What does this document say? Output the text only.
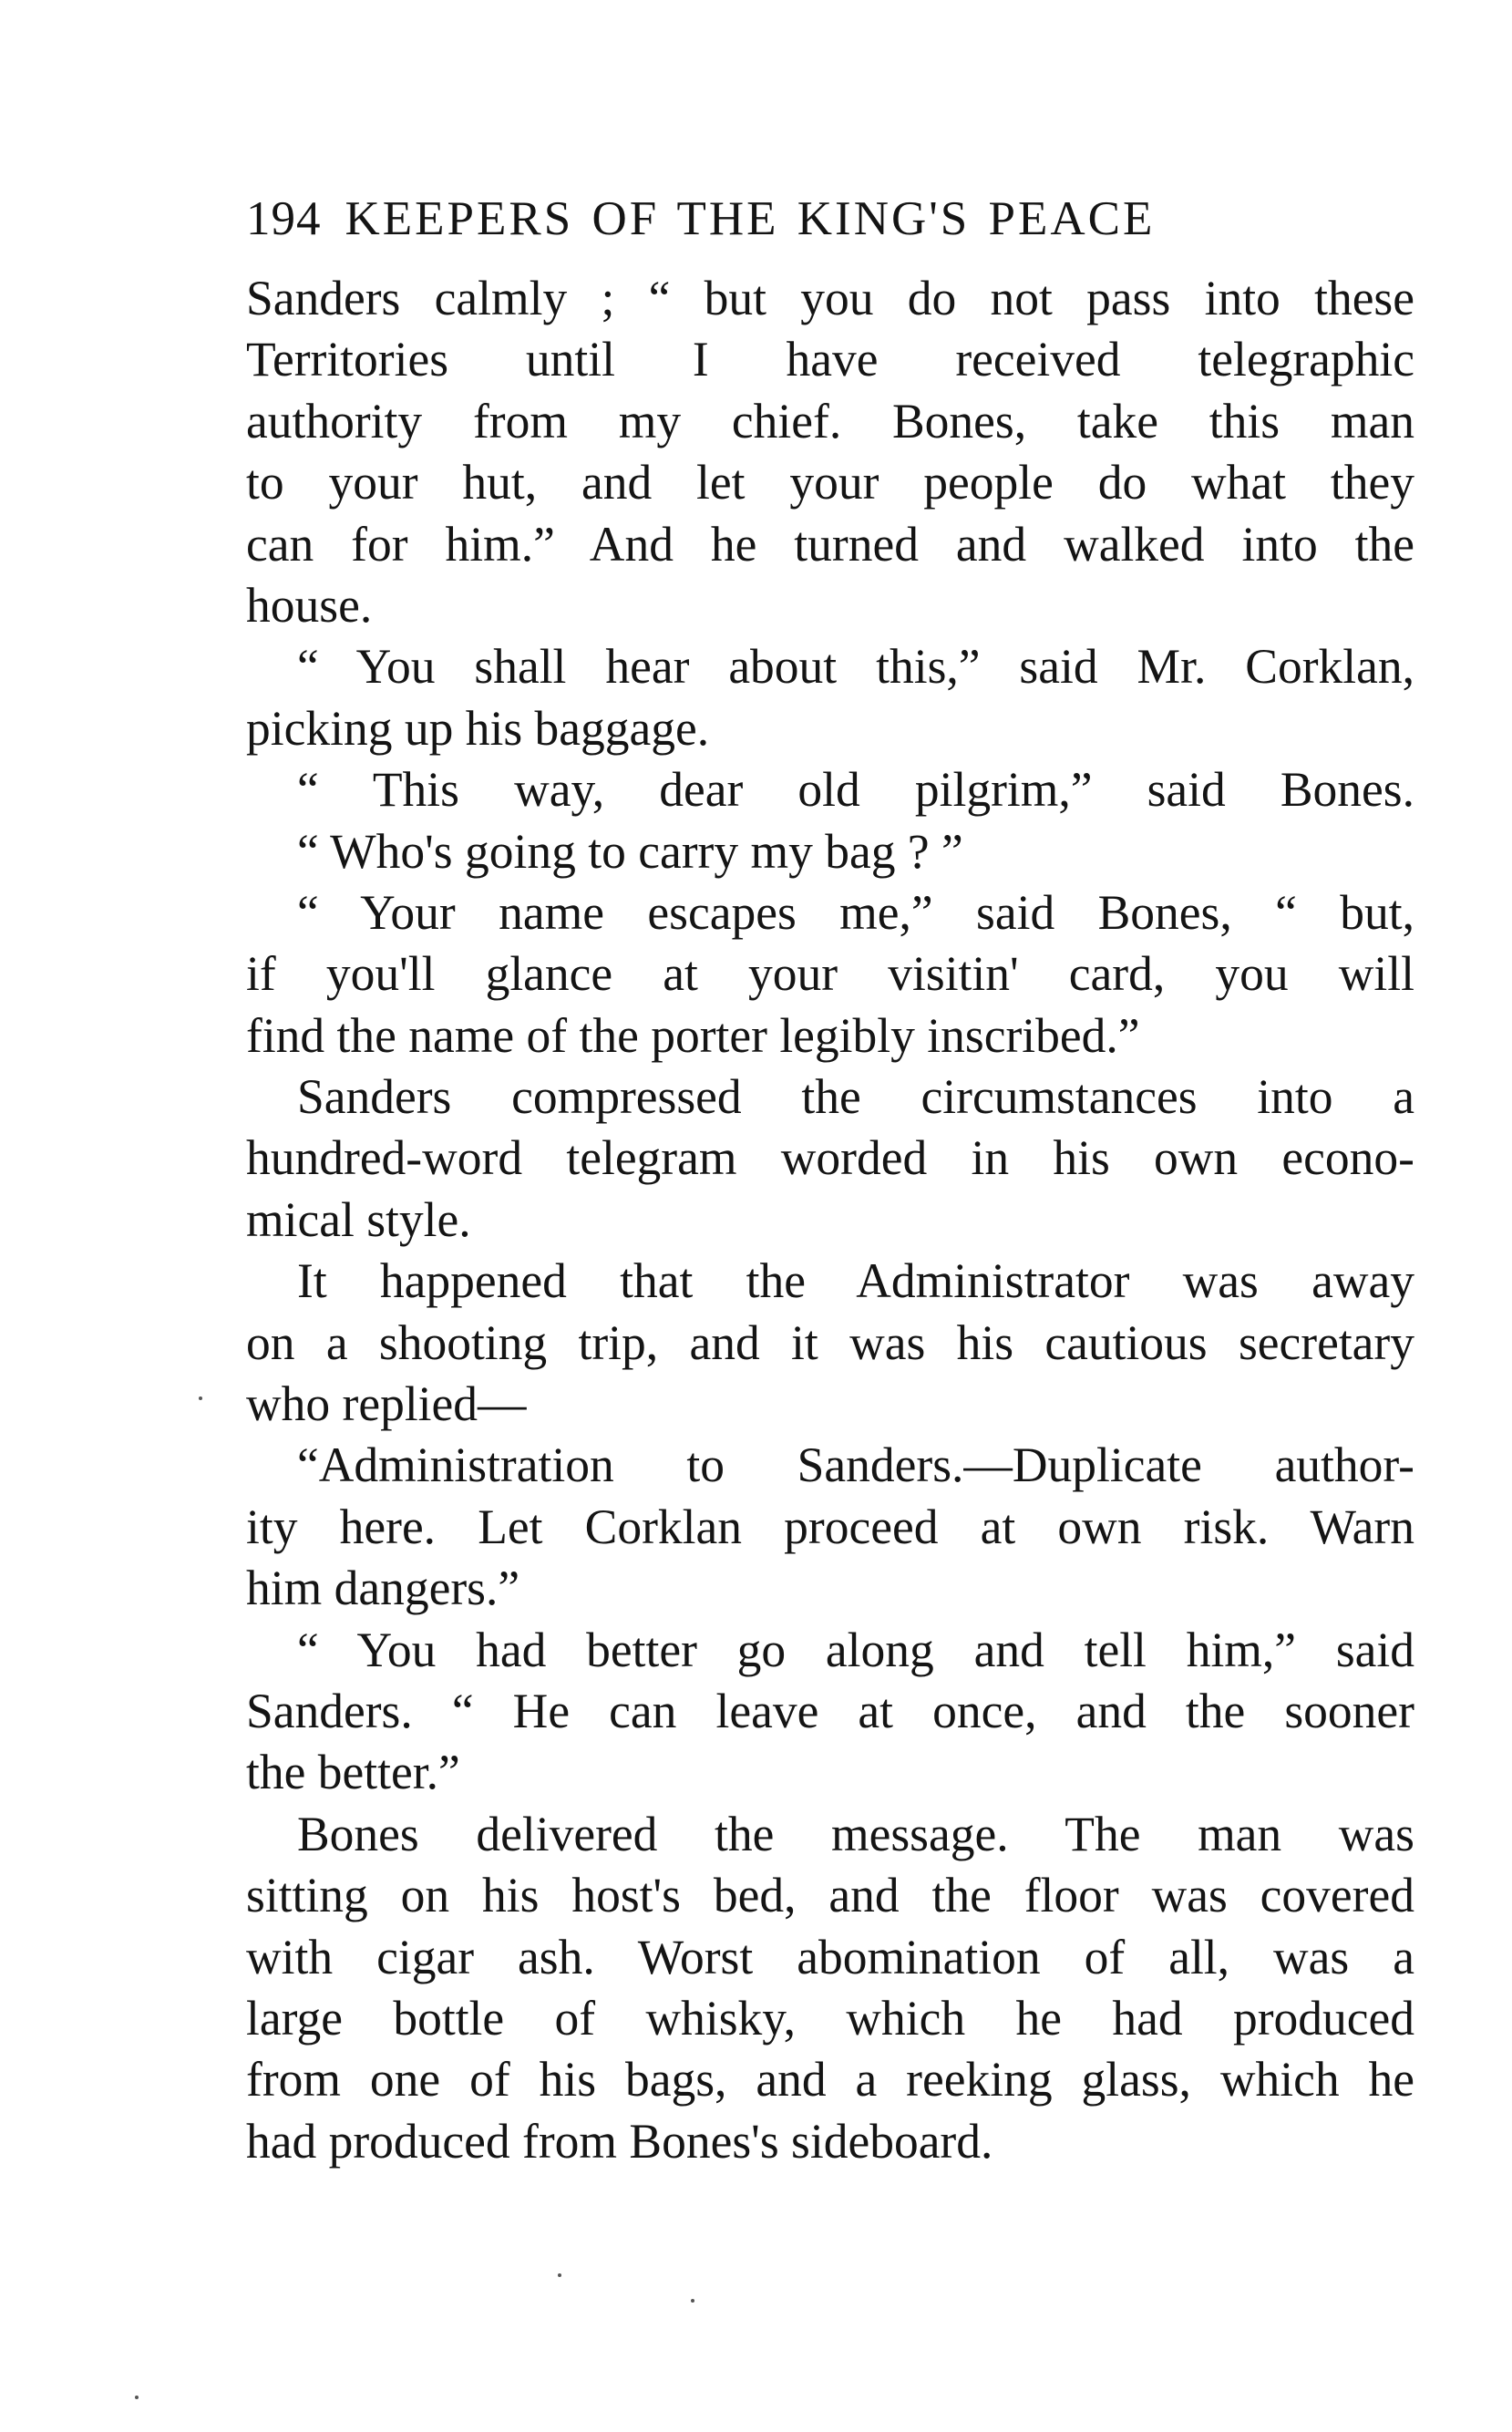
194 KEEPERS OF THE KING'S PEACE
Sanders calmly ; “ but you do not pass into these
Territories until I have received telegraphic
authority from my chief. Bones, take this man
to your hut, and let your people do what they
can for him.” And he turned and walked into the
house.
“ You shall hear about this,” said Mr. Corklan,
picking up his baggage.
“ This way, dear old pilgrim,” said Bones.
“ Who's going to carry my bag ? ”
“ Your name escapes me,” said Bones, “ but,
if you'll glance at your visitin' card, you will
find the name of the porter legibly inscribed.”
Sanders compressed the circumstances into a
hundred-word telegram worded in his own econo-
mical style.
It happened that the Administrator was away
on a shooting trip, and it was his cautious secretary
who replied—
“Administration to Sanders.—Duplicate author-
ity here. Let Corklan proceed at own risk. Warn
him dangers.”
“ You had better go along and tell him,” said
Sanders. “ He can leave at once, and the sooner
the better.”
Bones delivered the message. The man was
sitting on his host's bed, and the floor was covered
with cigar ash. Worst abomination of all, was a
large bottle of whisky, which he had produced
from one of his bags, and a reeking glass, which he
had produced from Bones's sideboard.
